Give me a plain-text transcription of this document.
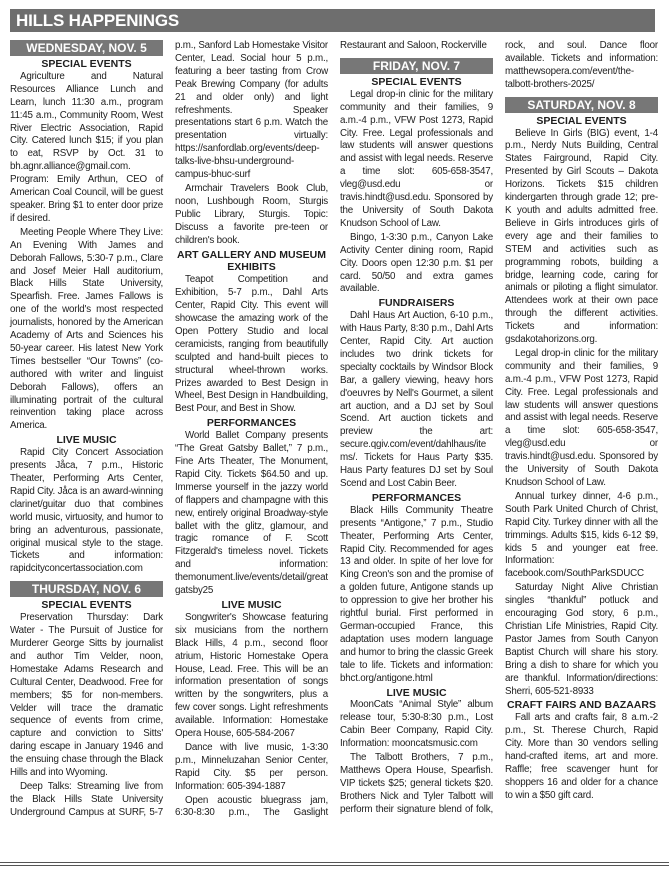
HILLS HAPPENINGS
WEDNESDAY, NOV. 5
SPECIAL EVENTS

Agriculture and Natural Resources Alliance Lunch and Learn, lunch 11:30 a.m., program 11:45 a.m., Community Room, West River Electric Association, Rapid City. Catered lunch $15; if you plan to eat, RSVP by Oct. 31 to bh.agnr.alliance@gmail.com. Program: Emily Arthun, CEO of American Coal Council, will be guest speaker. Bring $1 to enter door prize if desired.

Meeting People Where They Live: An Evening With James and Deborah Fallows, 5:30-7 p.m., Clare and Josef Meier Hall auditorium, Black Hills State University, Spearfish. Free. James Fallows is one of the world's most respected journalists, honored by the American Academy of Arts and Sciences his 50-year career. His latest New York Times bestseller “Our Towns” (co-authored with writer and linguist Deborah Fallows), offers an illuminating portrait of the cultural reinvention taking place across America.

LIVE MUSIC

Rapid City Concert Association presents Jåca, 7 p.m., Historic Theater, Performing Arts Center, Rapid City. Jåca is an award-winning clarinet/guitar duo that combines world music, virtuosity, and humor to bring an adventurous, passionate, original musical style to the stage. Tickets and information: rapidcityconcertassociation.com

THURSDAY, NOV. 6
SPECIAL EVENTS

Preservation Thursday: Dark Water - The Pursuit of Justice for Murderer George Sitts by journalist and author Tim Velder, noon, Homestake Adams Research and Cultural Center, Deadwood. Free for members; $5 for non-members. Velder will trace the dramatic sequence of events from crime, capture and conviction to Sitts' daring escape in January 1946 and the ensuing chase through the Black Hills and into Wyoming.

Deep Talks: Streaming live from the Black Hills State University Underground Campus at SURF, 5-7 p.m., Sanford Lab Homestake Visitor Center, Lead. Social hour 5 p.m., featuring a beer tasting from Crow Peak Brewing Company (for adults 21 and older only) and light refreshments. Speaker presentations start 6 p.m. Watch the presentation virtually: https://sanfordlab.org/events/deep-talks-live-bhsu-underground-campus-bhuc-surf

Armchair Travelers Book Club, noon, Lushbough Room, Sturgis Public Library, Sturgis. Topic: Discuss a favorite pre-teen or children's book.

ART GALLERY AND MUSEUM EXHIBITS

Teapot Competition and Exhibition, 5-7 p.m., Dahl Arts Center, Rapid City. This event will showcase the amazing work of the Open Pottery Studio and local ceramicists, ranging from beautifully sculpted and hand-built pieces to structural wheel-thrown works. Prizes awarded to Best Design in Wheel, Best Design in Handbuilding, Best Pour, and Best in Show.

PERFORMANCES

World Ballet Company presents “The Great Gatsby Ballet,” 7 p.m., Fine Arts Theater, The Monument, Rapid City. Tickets $64.50 and up. Immerse yourself in the jazzy world of flappers and champagne with this new, entirely original Broadway-style ballet with the glitz, glamour, and tragic romance of F. Scott Fitzgerald's timeless novel. Tickets and information: themonument.live/events/detail/greatgatsby25

LIVE MUSIC

Songwriter's Showcase featuring six musicians from the northern Black Hills, 4 p.m., second floor atrium, Historic Homestake Opera House, Lead. Free. This will be an information presentation of songs written by the songwriters, plus a few cover songs. Light refreshments available. Information: Homestake Opera House, 605-584-2067

Dance with live music, 1-3:30 p.m., Minneluzahan Senior Center, Rapid City. $5 per person. Information: 605-394-1887

Open acoustic bluegrass jam, 6:30-8:30 p.m., The Gaslight Restaurant and Saloon, Rockerville

FRIDAY, NOV. 7
SPECIAL EVENTS

Legal drop-in clinic for the military community and their families, 9 a.m.-4 p.m., VFW Post 1273, Rapid City. Free. Legal professionals and law students will answer questions and assist with legal needs. Reserve a time slot: 605-658-3547, vleg@usd.edu or travis.hindt@usd.edu. Sponsored by the University of South Dakota Knudson School of Law.

Bingo, 1-3:30 p.m., Canyon Lake Activity Center dining room, Rapid City. Doors open 12:30 p.m. $1 per card. 50/50 and extra games available.

FUNDRAISERS

Dahl Haus Art Auction, 6-10 p.m., with Haus Party, 8:30 p.m., Dahl Arts Center, Rapid City. Art auction includes two drink tickets for specialty cocktails by Windsor Block Bar, a gallery viewing, heavy hors d'oeuvres by Nell's Gourmet, a silent art auction, and a DJ set by Soul Scend. Art auction tickets and preview the art: secure.qgiv.com/event/dahlhaus/items/. Tickets for Haus Party $35. Haus Party features DJ set by Soul Scend and Lost Cabin Beer.

PERFORMANCES

Black Hills Community Theatre presents “Antigone,” 7 p.m., Studio Theater, Performing Arts Center, Rapid City. Recommended for ages 13 and older. In spite of her love for King Creon's son and the promise of a golden future, Antigone stands up to oppression to give her brother his rightful burial. First performed in German-occupied France, this adaptation uses modern language and humor to bring the classic Greek tale to life. Tickets and information: bhct.org/antigone.html

LIVE MUSIC

MoonCats “Animal Style” album release tour, 5:30-8:30 p.m., Lost Cabin Beer Company, Rapid City. Information: mooncatsmusic.com

The Talbott Brothers, 7 p.m., Matthews Opera House, Spearfish. VIP tickets $25; general tickets $20. Brothers Nick and Tyler Talbott will perform their signature blend of folk, rock, and soul. Dance floor available. Tickets and information: matthewsopera.com/event/the-talbott-brothers-2025/

SATURDAY, NOV. 8
SPECIAL EVENTS

Believe In Girls (BIG) event, 1-4 p.m., Nerdy Nuts Building, Central States Fairground, Rapid City. Presented by Girl Scouts – Dakota Horizons. Tickets $15 children kindergarten through grade 12; pre-K youth and adults admitted free. Believe in Girls introduces girls of every age and their families to STEM and activities such as programming robots, building a bridge, learning code, caring for animals or piloting a flight simulator. Attendees work at their own pace through the different activities. Tickets and information: gsdakotahorizons.org.

Legal drop-in clinic for the military community and their families, 9 a.m.-4 p.m., VFW Post 1273, Rapid City. Free. Legal professionals and law students will answer questions and assist with legal needs. Reserve a time slot: 605-658-3547, vleg@usd.edu or travis.hindt@usd.edu. Sponsored by the University of South Dakota Knudson School of Law.

Annual turkey dinner, 4-6 p.m., South Park United Church of Christ, Rapid City. Turkey dinner with all the trimmings. Adults $15, kids 6-12 $9, kids 5 and younger eat free. Information: facebook.com/SouthParkSDUCC

Saturday Night Alive Christian singles “thankful” potluck and encouraging God story, 6 p.m., Christian Life Ministries, Rapid City. Pastor James from South Canyon Baptist Church will share his story. Bring a dish to share for which you are thankful. Information/directions: Sherri, 605-521-8933

CRAFT FAIRS AND BAZAARS

Fall arts and crafts fair, 8 a.m.-2 p.m., St. Therese Church, Rapid City. More than 30 vendors selling hand-crafted items, art and more. Raffle; free scavenger hunt for shoppers 16 and older for a chance to win a $50 gift card.
